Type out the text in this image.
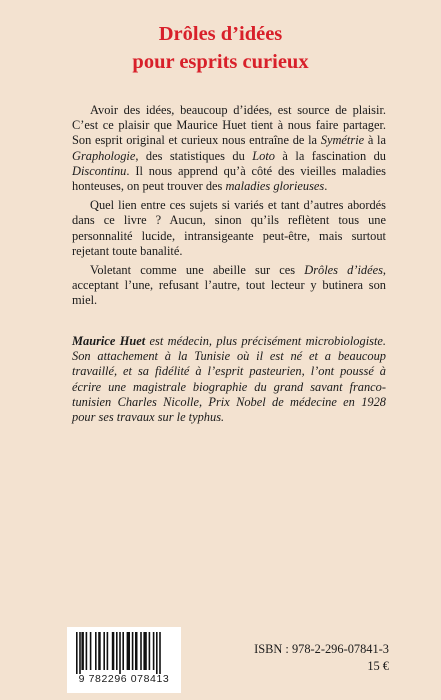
Drôles d’idées
pour esprits curieux

Avoir des idées, beaucoup d’idées, est source de plaisir. C’est ce plaisir que Maurice Huet tient à nous faire partager. Son esprit original et curieux nous entraîne de la Symétrie à la Graphologie, des statistiques du Loto à la fascination du Discontinu. Il nous apprend qu’à côté des vieilles maladies honteuses, on peut trouver des maladies glorieuses.

Quel lien entre ces sujets si variés et tant d’autres abordés dans ce livre ? Aucun, sinon qu’ils reflètent tous une personnalité lucide, intransigeante peut-être, mais surtout rejetant toute banalité.

Voletant comme une abeille sur ces Drôles d’idées, acceptant l’une, refusant l’autre, tout lecteur y butinera son miel.

Maurice Huet est médecin, plus précisément microbiologiste. Son attachement à la Tunisie où il est né et a beaucoup travaillé, et sa fidélité à l’esprit pasteurien, l’ont poussé à écrire une magistrale biographie du grand savant franco-tunisien Charles Nicolle, Prix Nobel de médecine en 1928 pour ses travaux sur le typhus.
9 782296 078413
ISBN : 978-2-296-07841-3
15 €
